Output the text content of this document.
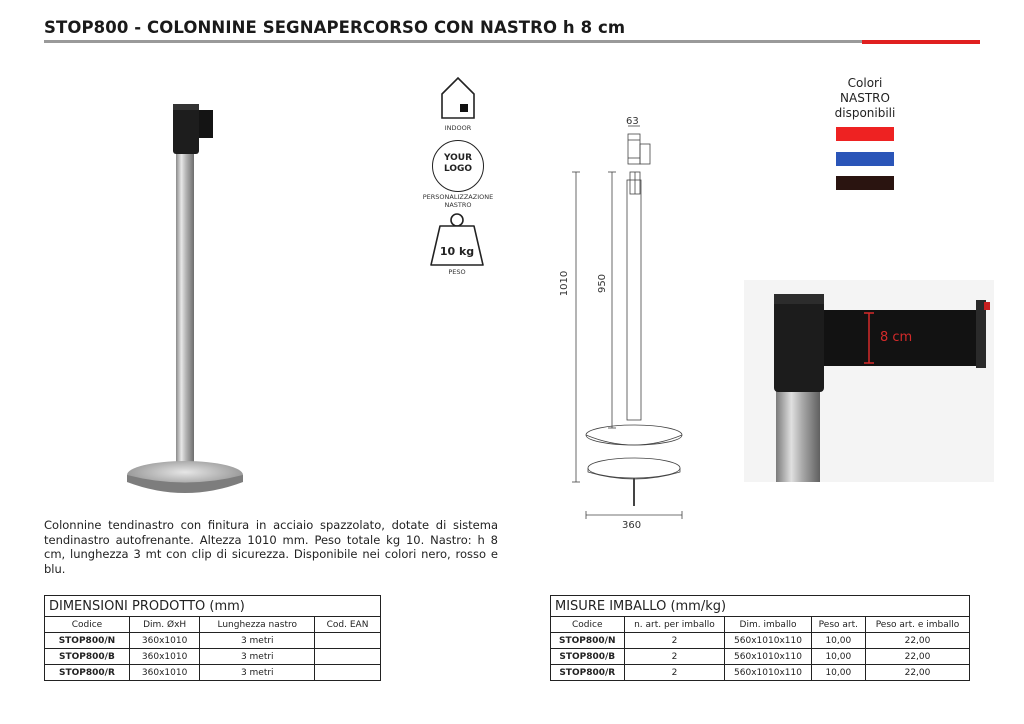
STOP800 - COLONNINE SEGNAPERCORSO CON NASTRO h 8 cm
INDOOR
YOUR
LOGO
PERSONALIZZAZIONE
NASTRO
10 kg
PESO
63
1010	950
360
Colori
NASTRO
disponibili
8 cm
Colonnine tendinastro con finitura in acciaio spazzolato, dotate di sistema tendinastro autofrenante. Altezza 1010 mm. Peso totale kg 10. Nastro: h 8 cm, lunghezza 3 mt con clip di sicurezza. Disponibile nei colori nero, rosso e blu.
DIMENSIONI PRODOTTO (mm)			
Codice	Dim. ØxH	Lunghezza nastro	Cod. EAN
STOP800/N	360x1010	3 metri	
STOP800/B	360x1010	3 metri	
STOP800/R	360x1010	3 metri	
MISURE IMBALLO (mm/kg)				
Codice	n. art. per imballo	Dim. imballo	Peso art.	Peso art. e imballo
STOP800/N	2	560x1010x110	10,00	22,00
STOP800/B	2	560x1010x110	10,00	22,00
STOP800/R	2	560x1010x110	10,00	22,00
